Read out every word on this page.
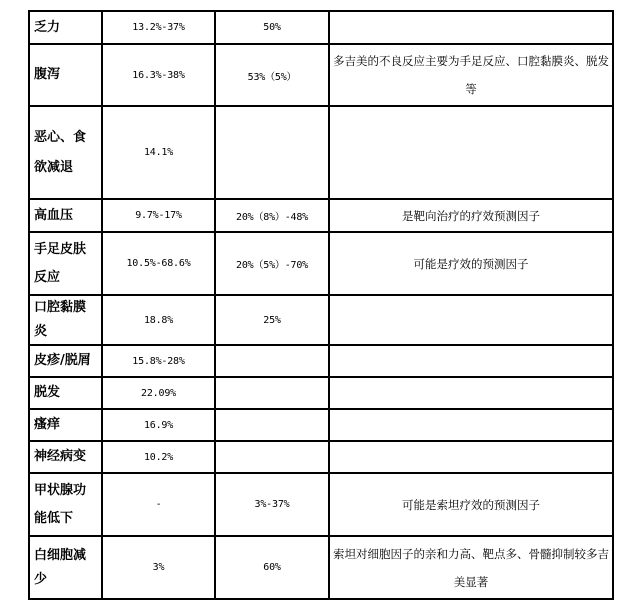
乏力	13.2%-37%	50%	

腹泻	16.3%-38%	53%（5%）	多吉美的不良反应主要为手足反应、口腔黏膜炎、脱发等

恶心、食欲减退	14.1%		

高血压	9.7%-17%	20%（8%）-48%	是靶向治疗的疗效预测因子

手足皮肤反应	10.5%-68.6%	20%（5%）-70%	可能是疗效的预测因子

口腔黏膜炎	18.8%	25%	

皮疹/脱屑	15.8%-28%		

脱发	22.09%		

瘙痒	16.9%		

神经病变	10.2%		

甲状腺功能低下	-	3%-37%	可能是索坦疗效的预测因子

白细胞减少	3%	60%	索坦对细胞因子的亲和力高、靶点多、骨髓抑制较多吉美显著
